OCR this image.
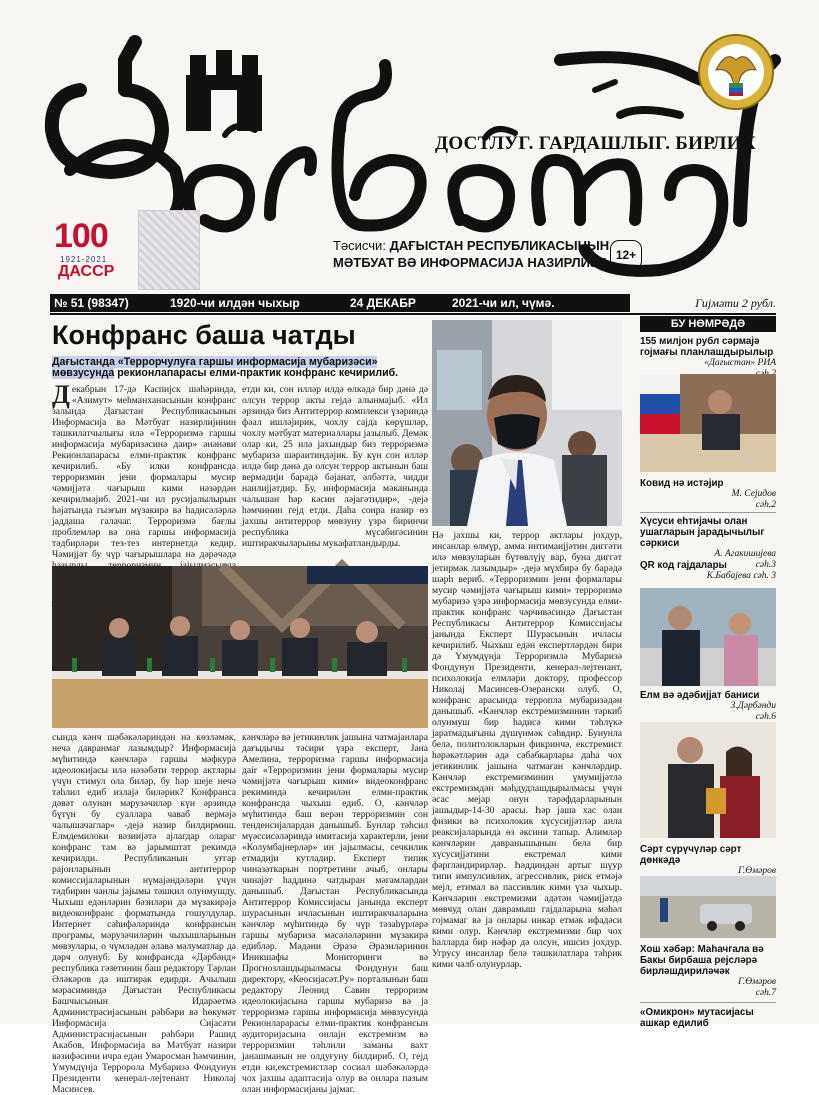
ДОСТЛУГ. ГАРДАШЛЫГ. БИРЛИК
100
1921-2021
ДАССР
Тәсисчи: ДАҒЫСТАН РЕСПУБЛИКАСЫНЫН
МӘТБУАТ ВӘ ИНФОРМАСИЈА НАЗИРЛИЈИ 12+
№ 51 (98347)	1920-чи илдән чыхыр	24 ДЕКАБР	2021-чи ил, чүмә.	Гијмәти 2 рубл.
Конфранс баша чатды
Дағыстанда «Террорчулуға гаршы информасија мубаризәси» мөвзусунда рекионлапарасы елми-практик конфранс кечирилиб.
Декабрын 17-дә Каспијск шәһәриндә, «Азимут» меһманханасынын конфранс залында Дағыстан Республикасынын Информасија вә Мәтбуат назирлијинин тәшкилатчылығы илә «Терроризмә гаршы информасија мубаризәсинә даир» әнәнәви Рекионлапарасы елми-практик конфранс кечирилиб. «Бу илки конфрансда терроризмин јени формалары мусир чәмијјәтә чағырыш кими нәзәрдән кечирилмәјиб. 2021-чи ил русијалылырын һәјатында гызғын мүзакирә вә һадисәләрлә јаддаша галачаг. Терроризмә бағлы проблемләр вә она гаршы информасија тәдбирләри тез-тез интернетдә кедир. Чәмијјәт бу чүр чағырышлара нә дәрәчәдә
етди ки, сон илләр илдә өлкәдә бир дәнә дә олсун террор акты гејдә алынмајыб. «Ил әрзиндә биз Антитеррор комплекси үзәриндә фәал ишләјирик, чохлу сајда көрүшләр, чохлу мәтбуат материаллары јазылыб. Демәк олар ки, 25 илә јахындыр биз терроризмә мубаризә шәраитиндәјик. Бу күн сон илләр илдә бир дәнә дә олсун террор актынын баш вермәдији барәдә бәјанат, әлбәттә, чидди наилијјәтдир. Бу, информасија мәканында чалышан һәр кәсин ләјагәтидир», -дејә һәмчинин гејд етди. Даһа сонра назир өз јахшы антитеррор мөвзуну үзрә биринчи республика мүсабигәсинин иштиракчыларыны мукафатландырды.
сында кәнҹ шәбәкәләриндән нә көзләмәк, нечә давранмаг лазымдыр? Информасија мүһитиндә кәнҹләрә гаршы мәфкурә идеолокијасы илә нәзәбәти террор актлары үчүн стимул ола биләр, бу һәр шеје нечә тәһлил едиб излајә биләрик? Конфранса дәвәт олунан мәрузәчиләр күн әрзиндә бүтүн бу суаллара чаваб вермәјә чалышачаглар» -дејә назир билдирмиш. Елмдемилоки вәзиијәтә ајлагдар олараг конфранс там вә јарымштат рекимдә кечирилди. Республиканын уғгар рајонларынын антитеррор комиссијаларынын нүмајәндәләри үчүн тәдбирин чанлы јајымы тәшкил олунмушду. Чыхыш едәнләрин бәзиләри дә мүзакирәјә видеоконфранс форматында гошулдулар. Интернет сәһифәләриндә конфрансын програмы, мәрузәчиләрин чыхышларынын мөвзулары, о чүмләдән әлавә мәлуматлар да дәрҹ олунуб. Бу конфрансда «Дәрбәнд» республика гәзетинин баш редактору Тәрлан Әләкәров да иштирак едирди. Ачылыш мәрасиминдә Дағыстан Республикасы Башчысынын Идарәетмә Администрасијасынын рәһбәри вә һөкумәт Информасија Сијасәти Администрасијасынын рәһбәри Рашид Акабов, Информасија вә Мәтбуат назири вәзифәсини ичра едән Умаросман һәмчинин, Үмумдүнја Терророла Мубаризә Фондунун Президенти кенерал-лејтенант Николај Масинсев.
кәнҹләрә вә јетикинлик јашына чатмајанлара дағыдычы тәсири үзрә експерт, Јана Амелина, терроризмә гаршы информасија дair «Терроризмин јени формалары мусир чәмијјәтә чағырыш кими» видеоконфранс рекиминдә кечирилән елми-практик конфрансда чыхыш едиб. О, кәнҹләр мүһитиндә баш верән терроризмин сон тенденсијалардан данышыб. Бунлар тәһсил мүәссисәләриндә имитасија характерли, јени «Колумбајнерләр» ин јајылмасы, сечкилик етмадији кутладир. Експерт типик чиназәткарын портретини ачыб, онлары чинајәт һаддинә чатдыран мәгамлардан данышыб. Дағыстан Республикасында Антитеррор Комиссијасы јанында експерт шурасынын ичласынын иштиракчыларына кәнҹләр мүһитиндә бу чүр тәзаһүрләрә гаршы мубаризә мәсәләләрини мүзакирә едибләр. Мәдәни Әразә Әразиләринин Иникшафы Мониторинги вә Прогнозлашдырылмасы Фондунун баш директору, «Кеосијасәт.Ру» порталынын баш редактору Леонид Савин терроризм идеолокијасына гаршы мубаризә вә ја терроризмә гаршы информасија мөвзусунда Рекионларарасы елми-практик конфрансын аудиторијасына онлајн екстремизм вә терроризмин тәһлили заманы вахт јанашманын не олдуғуну билдириб. О, гејд етди ки,екстремистләр сосиал шәбәкәләрдә чох јахшы адаптасија олур вә онлара пазым олан информасијаны јајмаг.
Нә јахшы ки, террор актлары јохдур, инсанлар өлмүр, амма интимаијјәтин диггәти илә мөвзуларын бүтөвлүјү вар, буна диггәт јетирмәк лазымдыр» -дејә мүхбирә бу барәдә шәрһ вериб. «Терроризмин јени формалары мусир чәмијјәтә чағырыш кими» терроризмә мубаризә үзрә информасија мөвзусунда елми-практик конфранс чәрчивәсиндә Дағыстан Республикасы Антитеррор Комиссијасы јанында Експерт Шурасынын ичласы кечирилиб. Чыхыш едән експертләрдән бири дә Үмумдүнја Терроризмлә Мубаризә Фондунун Президенти, кенерал-лејтенант, психолокија елмләри доктору, профессор Николај Масинсев-Озерански олуб. О, конфранс арасында терропла мубаризәдән данышыб. «Кәнҹләр екстремизминин тәркиб олунмуш бир һадисә кими тәһлүкә јаратмадығыны дүшүнмәк сәһвдир. Бунунла белә, политолокларын фикринчә, екстремист һәрәкәтләрин әдә сәбәбкарлары даһа чох јетикинлик јашына чатмаған кәнҹләрдир. Кәнҹләр екстремизминин үмумијјәтлә екстремизмдән мәһдудлашдырылмасы үчүн әсас мејар онун тәрәфдарларынын јашыдыр-14-30 арасы. Һәр јаша хас олан физики вә психолокик хүсусијјәтләр анла реаксијаларында өз әксини тапыр. Алимләр кәнҹләрин давранышынын белә бир хүсусијјәтини екстремал кими фәргләндирирләр. Һәддиндән артыг шүур типи импулсивлик, агрессивлик, риск етмәјә мејл, етимал вә пассивлик кими үзә чыхыр. Кәнҹләрин екстремизми адәтән чәмијјәтдә мөвҹуд олан даврамыш гајдаларына мәһәл гојмамаг вә ја онлары инкар етмәк ифадәси кими олур. Кәнҹләр екстремизми бир чох һалларда бир нәфәр дә олсун, ишсиз јохдур. Угрусу инсанлар белә тәшкилатлара тәһрик кими чәлб олунурлар.
БУ НӨМРӘДӘ
155 милјон рубл сәрмајә гојмағы планлашдырылыр
«Дағыстан» РИА

Ковид нә истәјир
М. Сејидов
сәһ.2
Хүсуси еһтијаҹы олан ушагларын јарадычылыг сәркиси
А. Агакишијева
сәһ.3
QR код гајдалары
К.Бабајева сәһ. 3
Елм вә әдәбијјат бaниси
З.Дәрбәнди
сәһ.6
Сәрт сүрүчүләр сәрт дөнкәдә
Г.Өмәров

Хош хәбәр: Маһачгала вә Бакы бирбаша рејсләрә бирләшдириләҹәк
Г.Өмәров
сәһ.7
«Омикрон» мутасијасы ашкар едилиб
